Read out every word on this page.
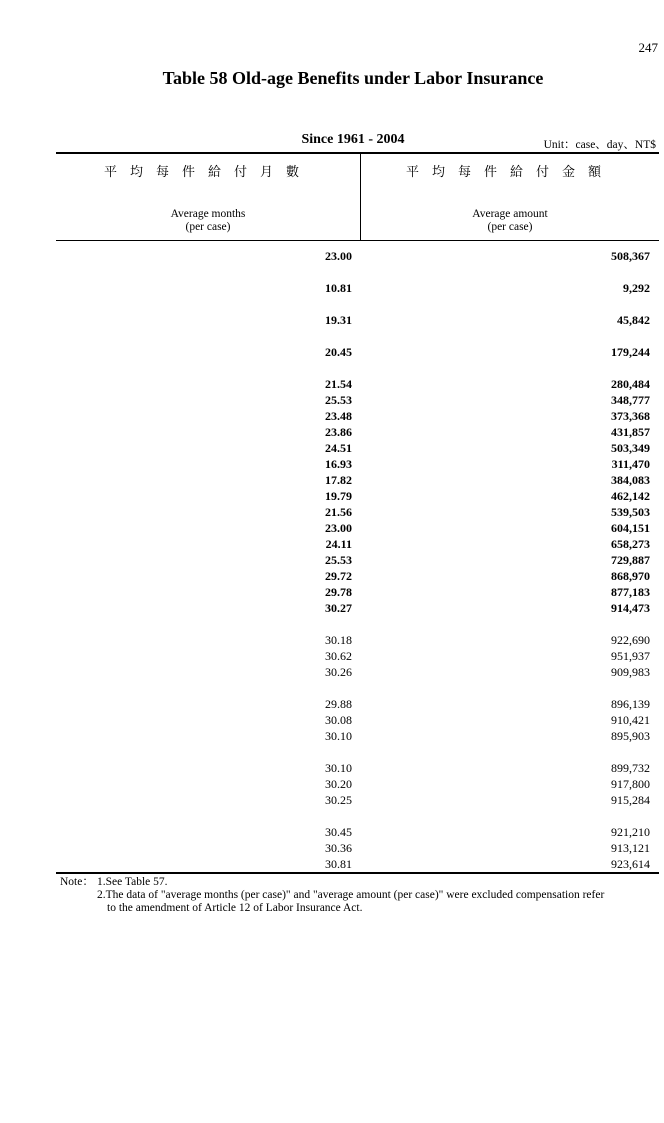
247
Table 58 Old-age Benefits under Labor Insurance
Since 1961 - 2004	Unit：case、day、NT$
平均每件給付月數	平均每件給付金額
Average months
(per case)
Average amount
(per case)
23.00	508,367
10.81	9,292
19.31	45,842
20.45	179,244
21.54	280,484
25.53	348,777
23.48	373,368
23.86	431,857
24.51	503,349
16.93	311,470
17.82	384,083
19.79	462,142
21.56	539,503
23.00	604,151
24.11	658,273
25.53	729,887
29.72	868,970
29.78	877,183
30.27	914,473
30.18	922,690
30.62	951,937
30.26	909,983
29.88	896,139
30.08	910,421
30.10	895,903
30.10	899,732
30.20	917,800
30.25	915,284
30.45	921,210
30.36	913,121
30.81	923,614
Note： 1.See Table 57.
2.The data of "average months (per case)" and "average amount (per case)" were excluded compensation refer
to the amendment of Article 12 of Labor Insurance Act.
